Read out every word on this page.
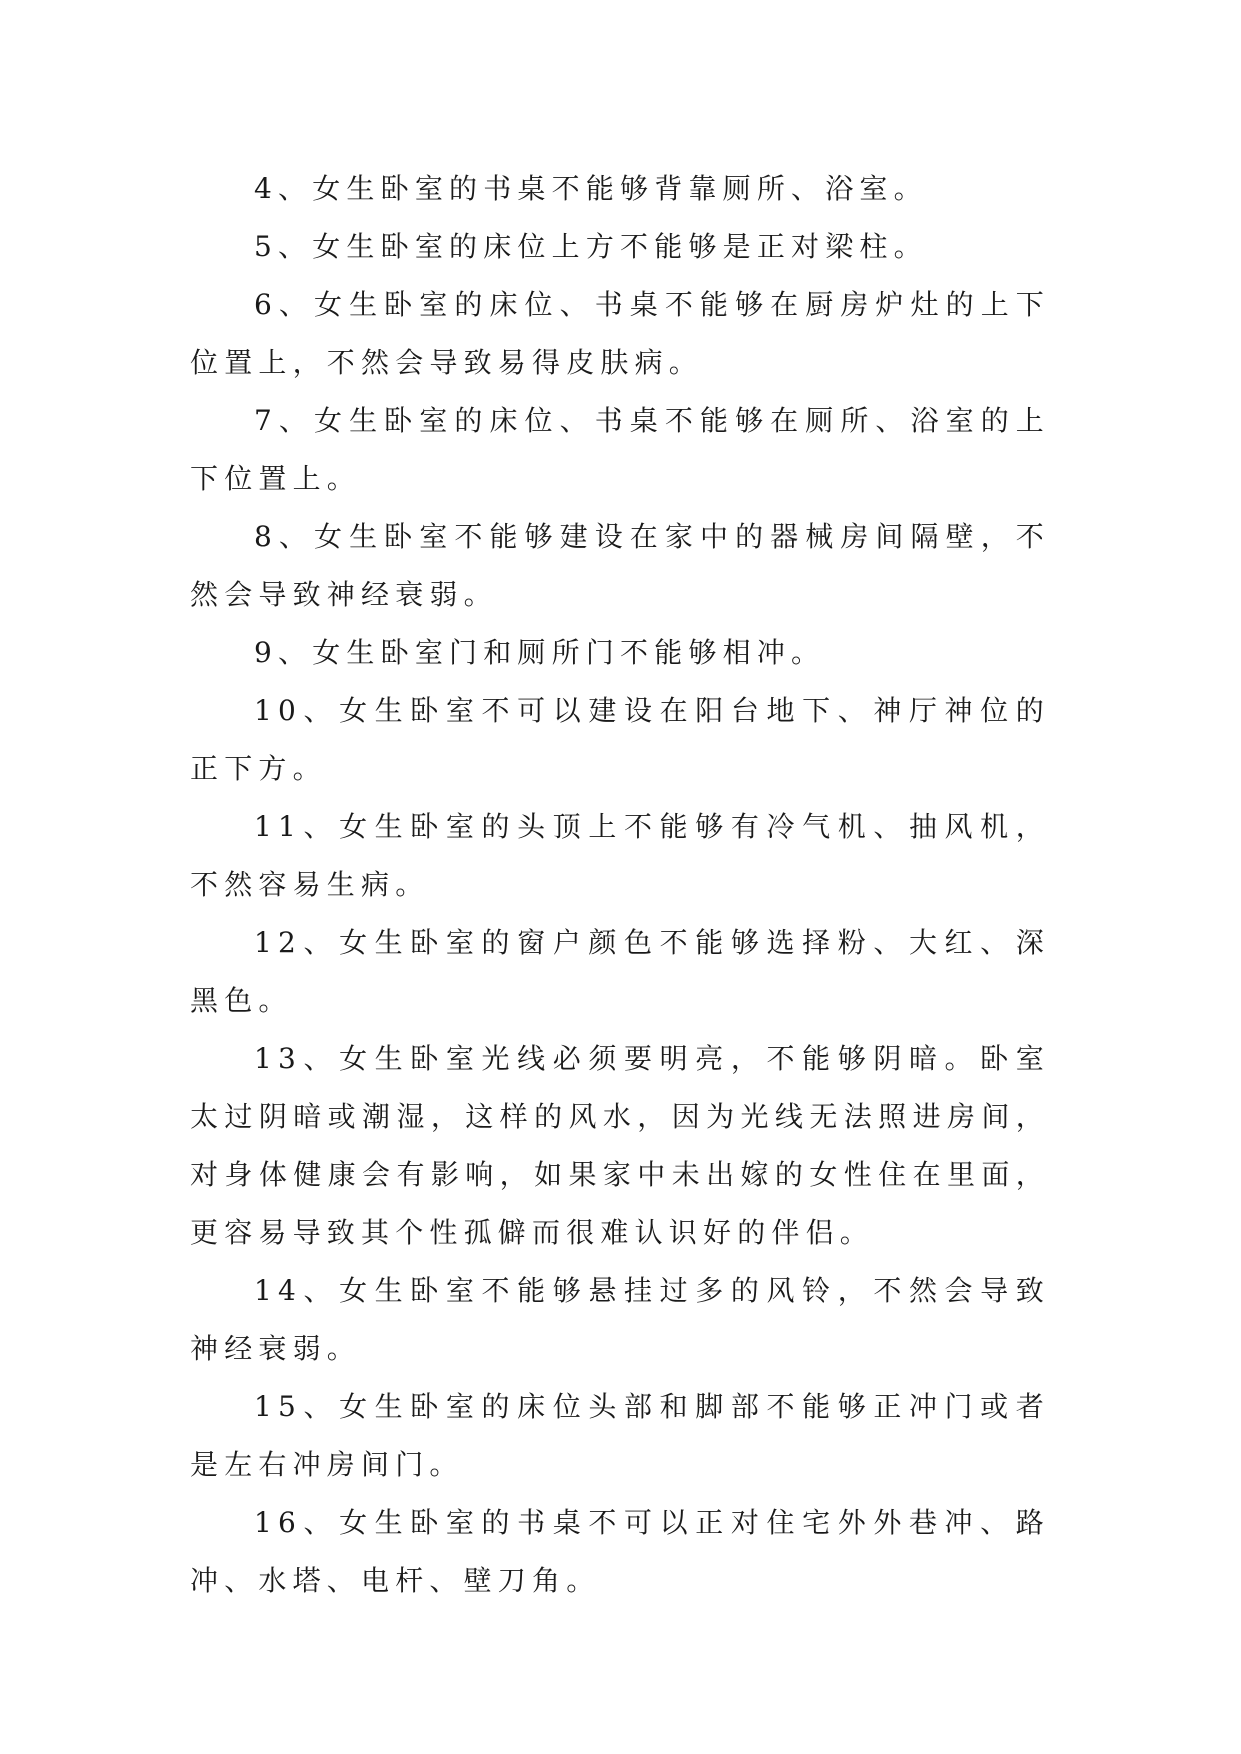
4、女生卧室的书桌不能够背靠厕所、浴室。

5、女生卧室的床位上方不能够是正对梁柱。

6、女生卧室的床位、书桌不能够在厨房炉灶的上下位置上，不然会导致易得皮肤病。

7、女生卧室的床位、书桌不能够在厕所、浴室的上下位置上。

8、女生卧室不能够建设在家中的器械房间隔壁，不然会导致神经衰弱。

9、女生卧室门和厕所门不能够相冲。

10、女生卧室不可以建设在阳台地下、神厅神位的正下方。

11、女生卧室的头顶上不能够有冷气机、抽风机，不然容易生病。

12、女生卧室的窗户颜色不能够选择粉、大红、深黑色。

13、女生卧室光线必须要明亮，不能够阴暗。卧室太过阴暗或潮湿，这样的风水，因为光线无法照进房间，对身体健康会有影响，如果家中未出嫁的女性住在里面，更容易导致其个性孤僻而很难认识好的伴侣。

14、女生卧室不能够悬挂过多的风铃，不然会导致神经衰弱。

15、女生卧室的床位头部和脚部不能够正冲门或者是左右冲房间门。

16、女生卧室的书桌不可以正对住宅外外巷冲、路冲、水塔、电杆、壁刀角。
